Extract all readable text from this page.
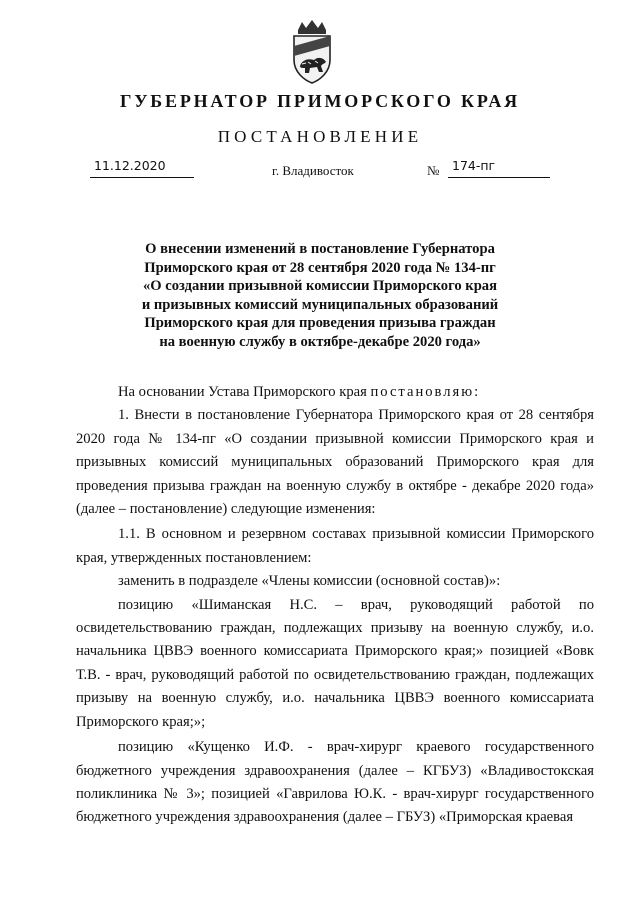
ГУБЕРНАТОР ПРИМОРСКОГО КРАЯ
ПОСТАНОВЛЕНИЕ
11.12.2020	г. Владивосток	№ 174-пг
О внесении изменений в постановление Губернатора
Приморского края от 28 сентября 2020 года № 134-пг
«О создании призывной комиссии Приморского края
и призывных комиссий муниципальных образований
Приморского края для проведения призыва граждан
на военную службу в октябре-декабре 2020 года»

На основании Устава Приморского края постановляю:

1. Внести в постановление Губернатора Приморского края от 28 сентября 2020 года № 134-пг «О создании призывной комиссии Приморского края и призывных комиссий муниципальных образований Приморского края для проведения призыва граждан на военную службу в октябре - декабре 2020 года» (далее – постановление) следующие изменения:

1.1. В основном и резервном составах призывной комиссии Приморского края, утвержденных постановлением:

заменить в подразделе «Члены комиссии (основной состав)»:

позицию «Шиманская Н.С. – врач, руководящий работой по освидетельствованию граждан, подлежащих призыву на военную службу, и.о. начальника ЦВВЭ военного комиссариата Приморского края;» позицией «Вовк Т.В. - врач, руководящий работой по освидетельствованию граждан, подлежащих призыву на военную службу, и.о. начальника ЦВВЭ военного комиссариата Приморского края;»;

позицию «Кущенко И.Ф. - врач-хирург краевого государственного бюджетного учреждения здравоохранения (далее – КГБУЗ) «Владивостокская поликлиника № 3»; позицией «Гаврилова Ю.К. - врач-хирург государственного бюджетного учреждения здравоохранения (далее – ГБУЗ) «Приморская краевая
